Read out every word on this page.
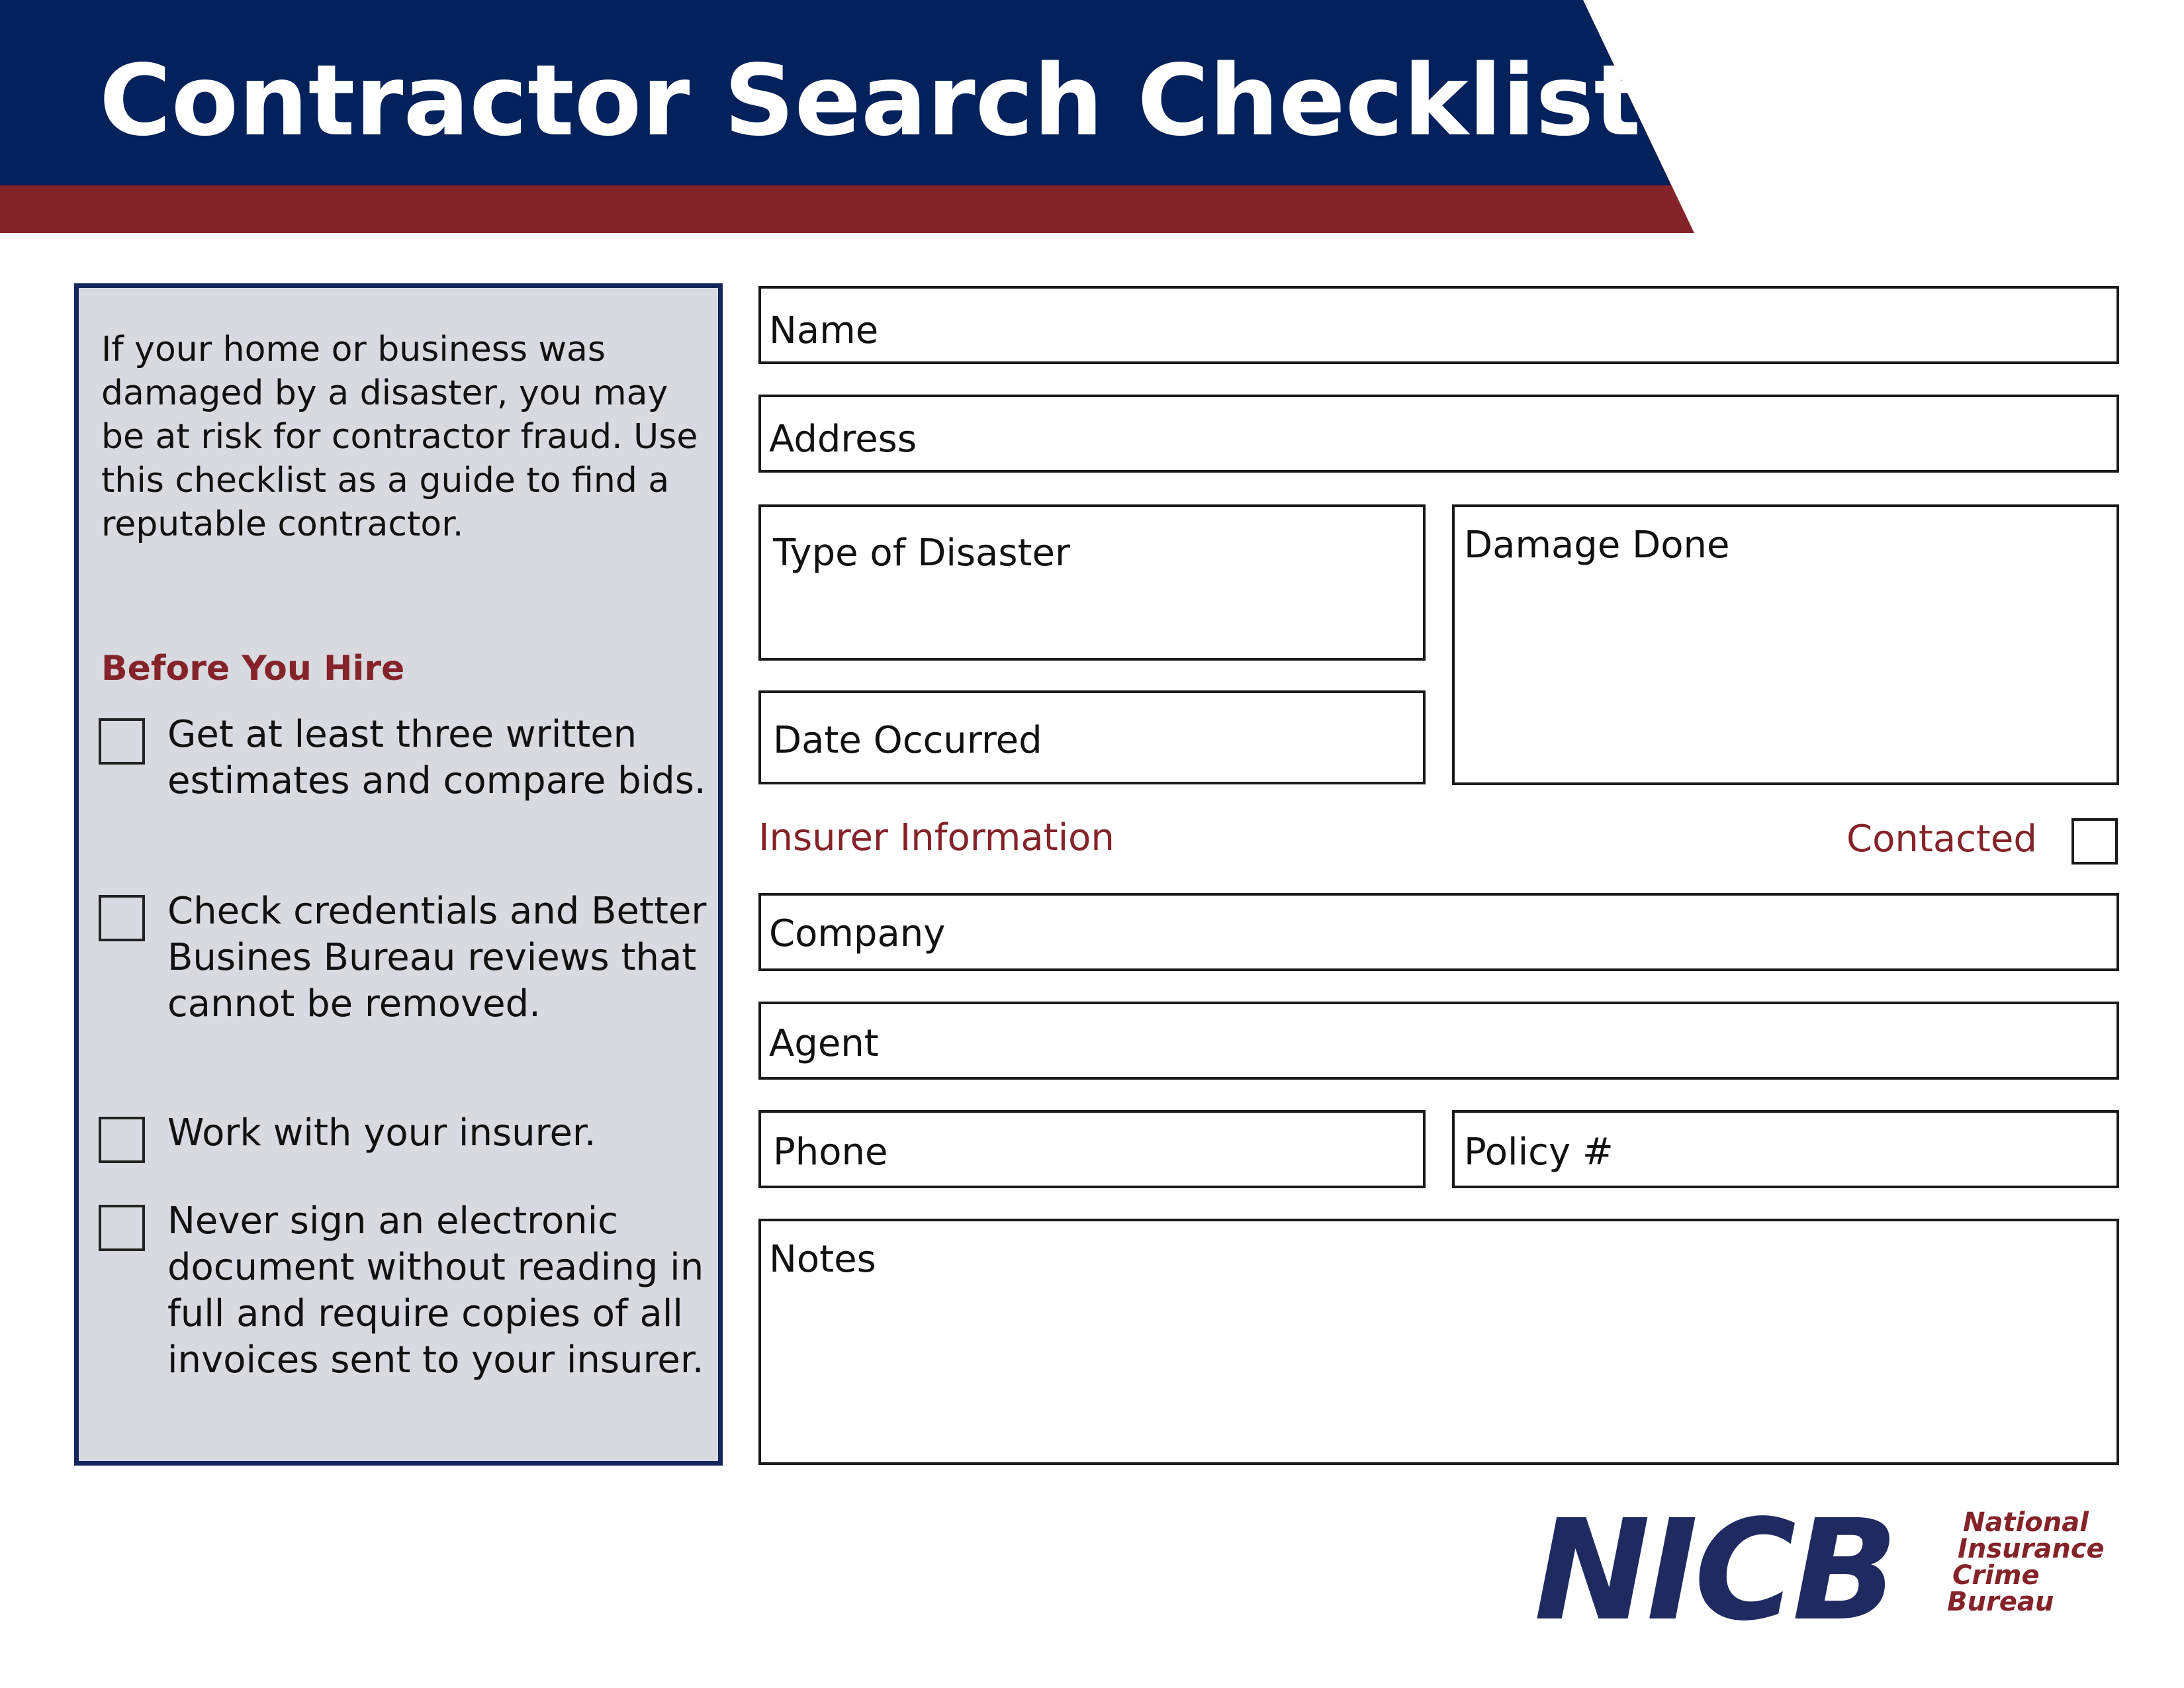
Contractor Search Checklist
If your home or business was damaged by a disaster, you may be at risk for contractor fraud. Use this checklist as a guide to find a reputable contractor.
Before You Hire
Get at least three written estimates and compare bids.
Check credentials and Better Busines Bureau reviews that cannot be removed.
Work with your insurer.
Never sign an electronic document without reading in full and require copies of all invoices sent to your insurer.
Name
Address
Type of Disaster	Damage Done
Date Occurred
Insurer Information	Contacted
Company
Agent
Phone	Policy #
Notes
NICB	National
Insurance
Crime
Bureau
